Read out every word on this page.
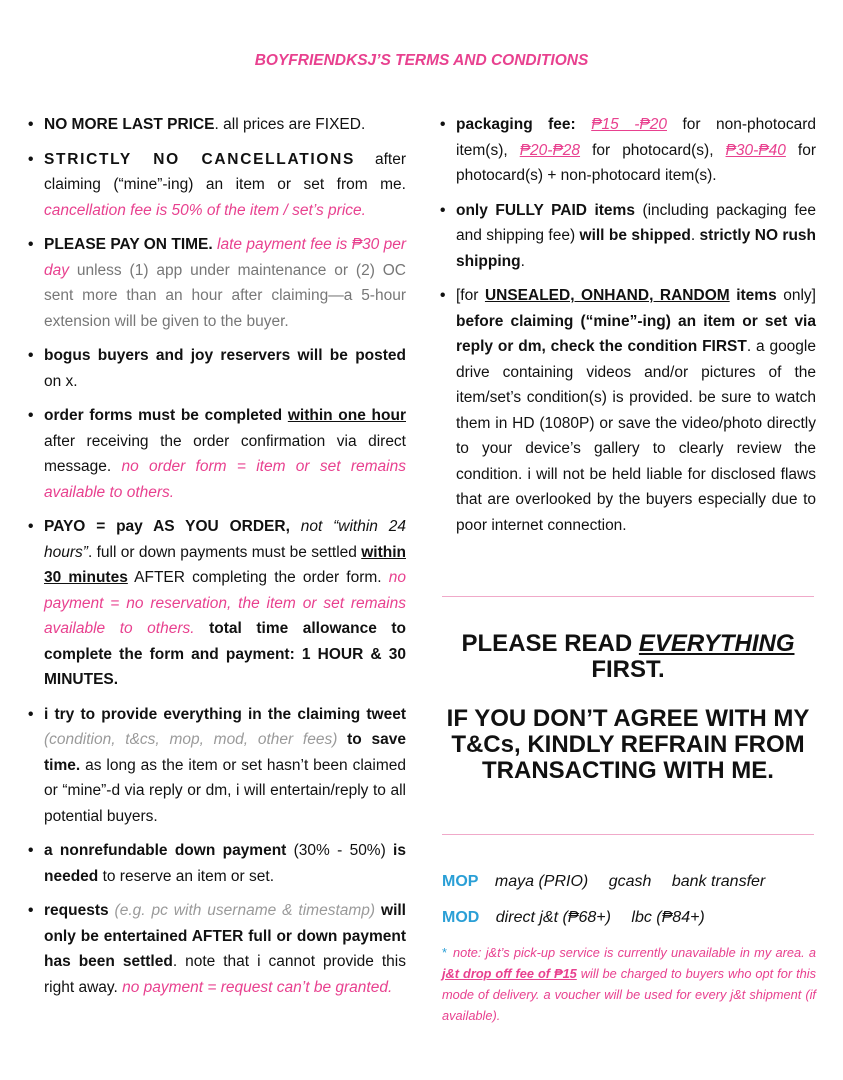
BOYFRIENDKSJ’S TERMS AND CONDITIONS
• NO MORE LAST PRICE. all prices are FIXED.
• STRICTLY NO CANCELLATIONS after claiming (“mine”-ing) an item or set from me. cancellation fee is 50% of the item / set’s price.
• PLEASE PAY ON TIME. late payment fee is ₱30 per day unless (1) app under maintenance or (2) OC sent more than an hour after claiming—a 5-hour extension will be given to the buyer.
• bogus buyers and joy reservers will be posted on x.
• order forms must be completed within one hour after receiving the order confirmation via direct message. no order form = item or set remains available to others.
• PAYO = pay AS YOU ORDER, not “within 24 hours”. full or down payments must be settled within 30 minutes AFTER completing the order form. no payment = no reservation, the item or set remains available to others. total time allowance to complete the form and payment: 1 HOUR & 30 MINUTES.
• i try to provide everything in the claiming tweet (condition, t&cs, mop, mod, other fees) to save time. as long as the item or set hasn’t been claimed or “mine”-d via reply or dm, i will entertain/reply to all potential buyers.
• a nonrefundable down payment (30% - 50%) is needed to reserve an item or set.
• requests (e.g. pc with username & timestamp) will only be entertained AFTER full or down payment has been settled. note that i cannot provide this right away. no payment = request can’t be granted.
• packaging fee: ₱15 -₱20 for non-photocard item(s), ₱20-₱28 for photocard(s), ₱30-₱40 for photocard(s) + non-photocard item(s).
• only FULLY PAID items (including packaging fee and shipping fee) will be shipped. strictly NO rush shipping.
• [for UNSEALED, ONHAND, RANDOM items only] before claiming (“mine”-ing) an item or set via reply or dm, check the condition FIRST. a google drive containing videos and/or pictures of the item/set’s condition(s) is provided. be sure to watch them in HD (1080P) or save the video/photo directly to your device’s gallery to clearly review the condition. i will not be held liable for disclosed flaws that are overlooked by the buyers especially due to poor internet connection.
PLEASE READ EVERYTHING
FIRST.
IF YOU DON’T AGREE WITH MY T&Cs, KINDLY REFRAIN FROM TRANSACTING WITH ME.
MOP maya (PRIO) gcash bank transfer
MOD direct j&t (₱68+) lbc (₱84+)
* note: j&t’s pick-up service is currently unavailable in my area. a j&t drop off fee of ₱15 will be charged to buyers who opt for this mode of delivery. a voucher will be used for every j&t shipment (if available).
